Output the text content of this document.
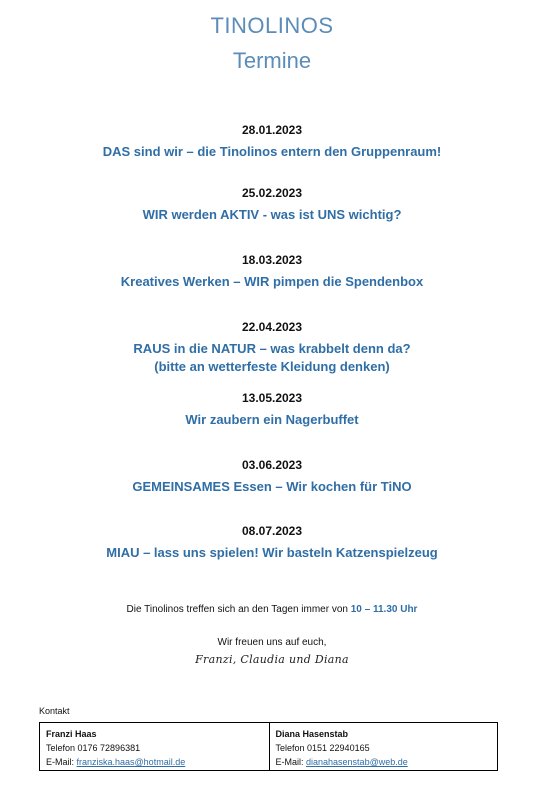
TINOLINOS
Termine
28.01.2023
DAS sind wir – die Tinolinos entern den Gruppenraum!
25.02.2023
WIR werden AKTIV - was ist UNS wichtig?
18.03.2023
Kreatives Werken – WIR pimpen die Spendenbox
22.04.2023
RAUS in die NATUR – was krabbelt denn da?
(bitte an wetterfeste Kleidung denken)
13.05.2023
Wir zaubern ein Nagerbuffet
03.06.2023
GEMEINSAMES Essen – Wir kochen für TiNO
08.07.2023
MIAU – lass uns spielen! Wir basteln Katzenspielzeug
Die Tinolinos treffen sich an den Tagen immer von 10 – 11.30 Uhr
Wir freuen uns auf euch,
Franzi, Claudia und Diana
Kontakt
Franzi Haas
Telefon 0176 72896381
E-Mail: franziska.haas@hotmail.de
Diana Hasenstab
Telefon 0151 22940165
E-Mail: dianahasenstab@web.de
